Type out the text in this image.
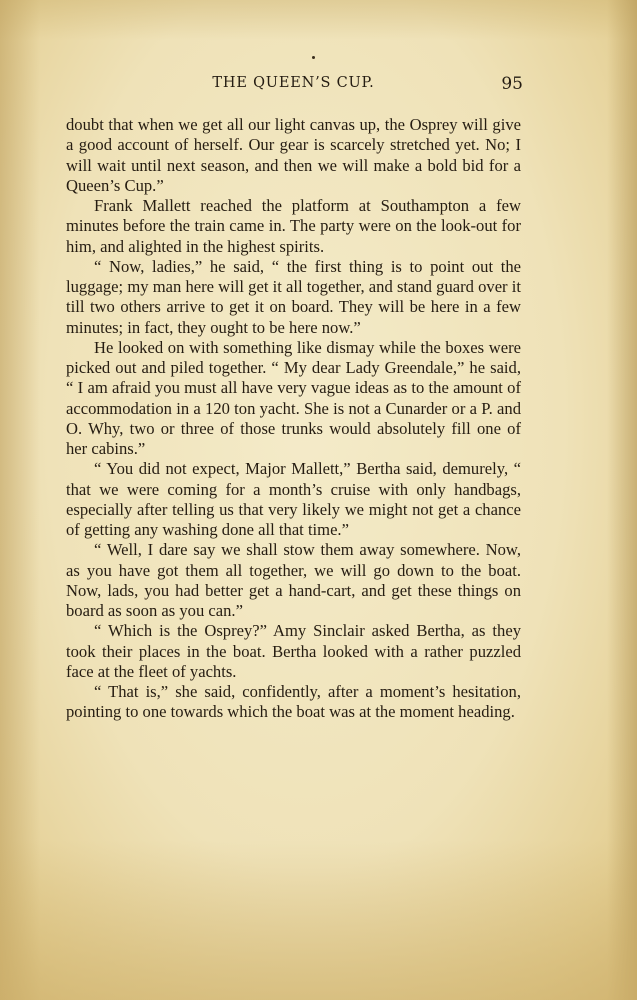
THE QUEEN’S CUP.	95

doubt that when we get all our light canvas up, the Osprey will give a good account of herself. Our gear is scarcely stretched yet. No; I will wait until next season, and then we will make a bold bid for a Queen’s Cup.”

Frank Mallett reached the platform at Southampton a few minutes before the train came in. The party were on the look-out for him, and alighted in the highest spirits.

“ Now, ladies,” he said, “ the first thing is to point out the luggage; my man here will get it all together, and stand guard over it till two others arrive to get it on board. They will be here in a few minutes; in fact, they ought to be here now.”

He looked on with something like dismay while the boxes were picked out and piled together. “ My dear Lady Greendale,” he said, “ I am afraid you must all have very vague ideas as to the amount of accommodation in a 120 ton yacht. She is not a Cunarder or a P. and O. Why, two or three of those trunks would absolutely fill one of her cabins.”

“ You did not expect, Major Mallett,” Bertha said, demurely, “ that we were coming for a month’s cruise with only handbags, especially after telling us that very likely we might not get a chance of getting any washing done all that time.”

“ Well, I dare say we shall stow them away somewhere. Now, as you have got them all together, we will go down to the boat. Now, lads, you had better get a hand-cart, and get these things on board as soon as you can.”

“ Which is the Osprey?” Amy Sinclair asked Bertha, as they took their places in the boat. Bertha looked with a rather puzzled face at the fleet of yachts.

“ That is,” she said, confidently, after a moment’s hesitation, pointing to one towards which the boat was at the moment heading.
